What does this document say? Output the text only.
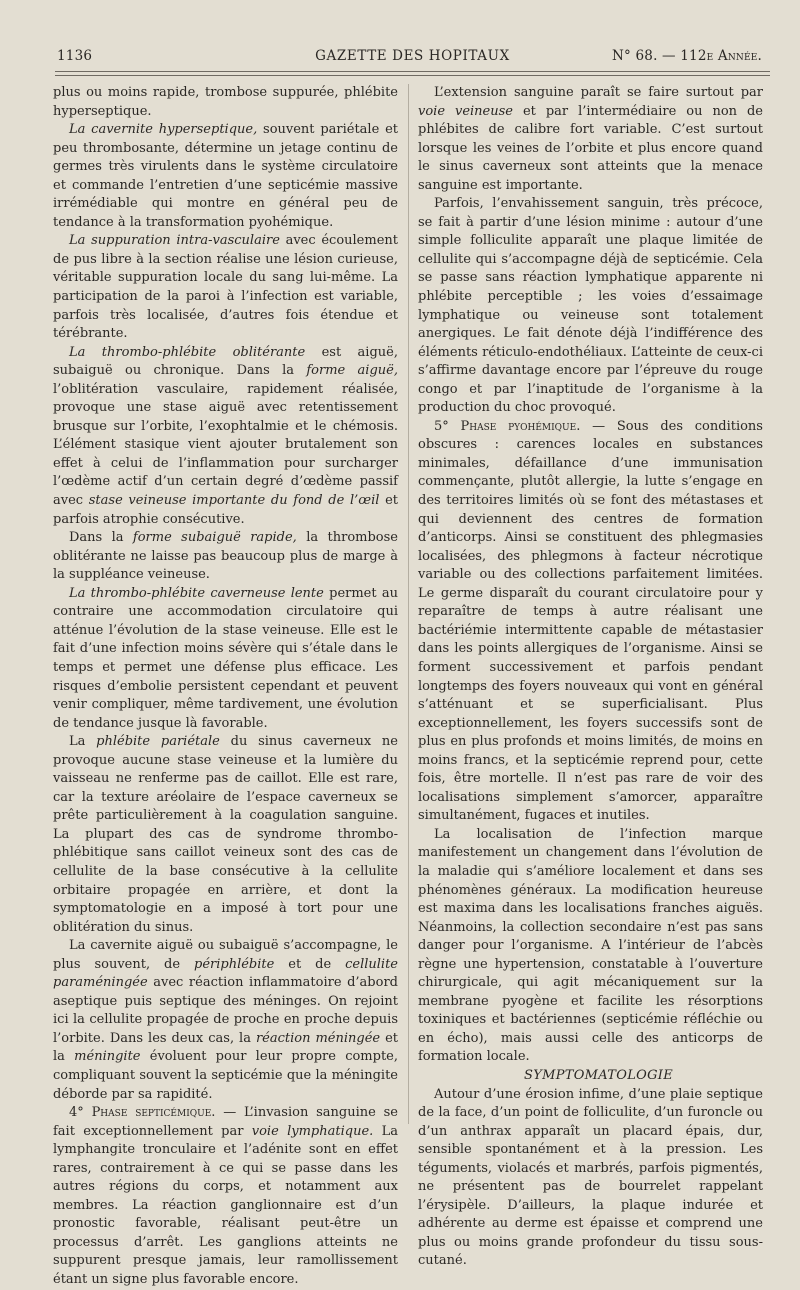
1136	GAZETTE DES HOPITAUX	N° 68. — 112e Année.

plus ou moins rapide, trombose suppurée, phlébite hyperseptique.

La cavernite hyperseptique, souvent pariétale et peu thrombosante, détermine un jetage continu de germes très virulents dans le système circulatoire et commande l’entretien d’une septicémie massive irrémédiable qui montre en général peu de tendance à la transformation pyohémique.

La suppuration intra-vasculaire avec écoulement de pus libre à la section réalise une lésion curieuse, véritable suppuration locale du sang lui-même. La participation de la paroi à l’infection est variable, parfois très localisée, d’autres fois étendue et térébrante.

La thrombo-phlébite oblitérante est aiguë, subaiguë ou chronique. Dans la forme aiguë, l’oblitération vasculaire, rapidement réalisée, provoque une stase aiguë avec retentissement brusque sur l’orbite, l’exophtalmie et le chémosis. L’élément stasique vient ajouter brutalement son effet à celui de l’inflammation pour surcharger l’œdème actif d’un certain degré d’œdème passif avec stase veineuse importante du fond de l’œil et parfois atrophie consécutive.

Dans la forme subaiguë rapide, la thrombose oblitérante ne laisse pas beaucoup plus de marge à la suppléance veineuse.

La thrombo-phlébite caverneuse lente permet au contraire une accommodation circulatoire qui atténue l’évolution de la stase veineuse. Elle est le fait d’une infection moins sévère qui s’étale dans le temps et permet une défense plus efficace. Les risques d’embolie persistent cependant et peuvent venir compliquer, même tardivement, une évolution de tendance jusque là favorable.

La phlébite pariétale du sinus caverneux ne provoque aucune stase veineuse et la lumière du vaisseau ne renferme pas de caillot. Elle est rare, car la texture aréolaire de l’espace caverneux se prête particulièrement à la coagulation sanguine. La plupart des cas de syndrome thrombo-phlébitique sans caillot veineux sont des cas de cellulite de la base consécutive à la cellulite orbitaire propagée en arrière, et dont la symptomatologie en a imposé à tort pour une oblitération du sinus.

La cavernite aiguë ou subaiguë s’accompagne, le plus souvent, de périphlébite et de cellulite paraméningée avec réaction inflammatoire d’abord aseptique puis septique des méninges. On rejoint ici la cellulite propagée de proche en proche depuis l’orbite. Dans les deux cas, la réaction méningée et la méningite évoluent pour leur propre compte, compliquant souvent la septicémie que la méningite déborde par sa rapidité.

4° Phase septicémique. — L’invasion sanguine se fait exceptionnellement par voie lymphatique. La lymphangite tronculaire et l’adénite sont en effet rares, contrairement à ce qui se passe dans les autres régions du corps, et notamment aux membres. La réaction ganglionnaire est d’un pronostic favorable, réalisant peut-être un processus d’arrêt. Les ganglions atteints ne suppurent presque jamais, leur ramollissement étant un signe plus favorable encore.

L’extension sanguine paraît se faire surtout par voie veineuse et par l’intermédiaire ou non de phlébites de calibre fort variable. C’est surtout lorsque les veines de l’orbite et plus encore quand le sinus caverneux sont atteints que la menace sanguine est importante.

Parfois, l’envahissement sanguin, très précoce, se fait à partir d’une lésion minime : autour d’une simple folliculite apparaît une plaque limitée de cellulite qui s’accompagne déjà de septicémie. Cela se passe sans réaction lymphatique apparente ni phlébite perceptible ; les voies d’essaimage lymphatique ou veineuse sont totalement anergiques. Le fait dénote déjà l’indifférence des éléments réticulo-endothéliaux. L’atteinte de ceux-ci s’affirme davantage encore par l’épreuve du rouge congo et par l’inaptitude de l’organisme à la production du choc provoqué.

5° Phase pyohémique. — Sous des conditions obscures : carences locales en substances minimales, défaillance d’une immunisation commençante, plutôt allergie, la lutte s’engage en des territoires limités où se font des métastases et qui deviennent des centres de formation d’anticorps. Ainsi se constituent des phlegmasies localisées, des phlegmons à facteur nécrotique variable ou des collections parfaitement limitées. Le germe disparaît du courant circulatoire pour y reparaître de temps à autre réalisant une bactériémie intermittente capable de métastasier dans les points allergiques de l’organisme. Ainsi se forment successivement et parfois pendant longtemps des foyers nouveaux qui vont en général s’atténuant et se superficialisant. Plus exceptionnellement, les foyers successifs sont de plus en plus profonds et moins limités, de moins en moins francs, et la septicémie reprend pour, cette fois, être mortelle. Il n’est pas rare de voir des localisations simplement s’amorcer, apparaître simultanément, fugaces et inutiles.

La localisation de l’infection marque manifestement un changement dans l’évolution de la maladie qui s’améliore localement et dans ses phénomènes généraux. La modification heureuse est maxima dans les localisations franches aiguës. Néanmoins, la collection secondaire n’est pas sans danger pour l’organisme. A l’intérieur de l’abcès règne une hypertension, constatable à l’ouverture chirurgicale, qui agit mécaniquement sur la membrane pyogène et facilite les résorptions toxiniques et bactériennes (septicémie réfléchie ou en écho), mais aussi celle des anticorps de formation locale.

SYMPTOMATOLOGIE

Autour d’une érosion infime, d’une plaie septique de la face, d’un point de folliculite, d’un furoncle ou d’un anthrax apparaît un placard épais, dur, sensible spontanément et à la pression. Les téguments, violacés et marbrés, parfois pigmentés, ne présentent pas de bourrelet rappelant l’érysipèle. D’ailleurs, la plaque indurée et adhérente au derme est épaisse et comprend une plus ou moins grande profondeur du tissu sous-cutané.
